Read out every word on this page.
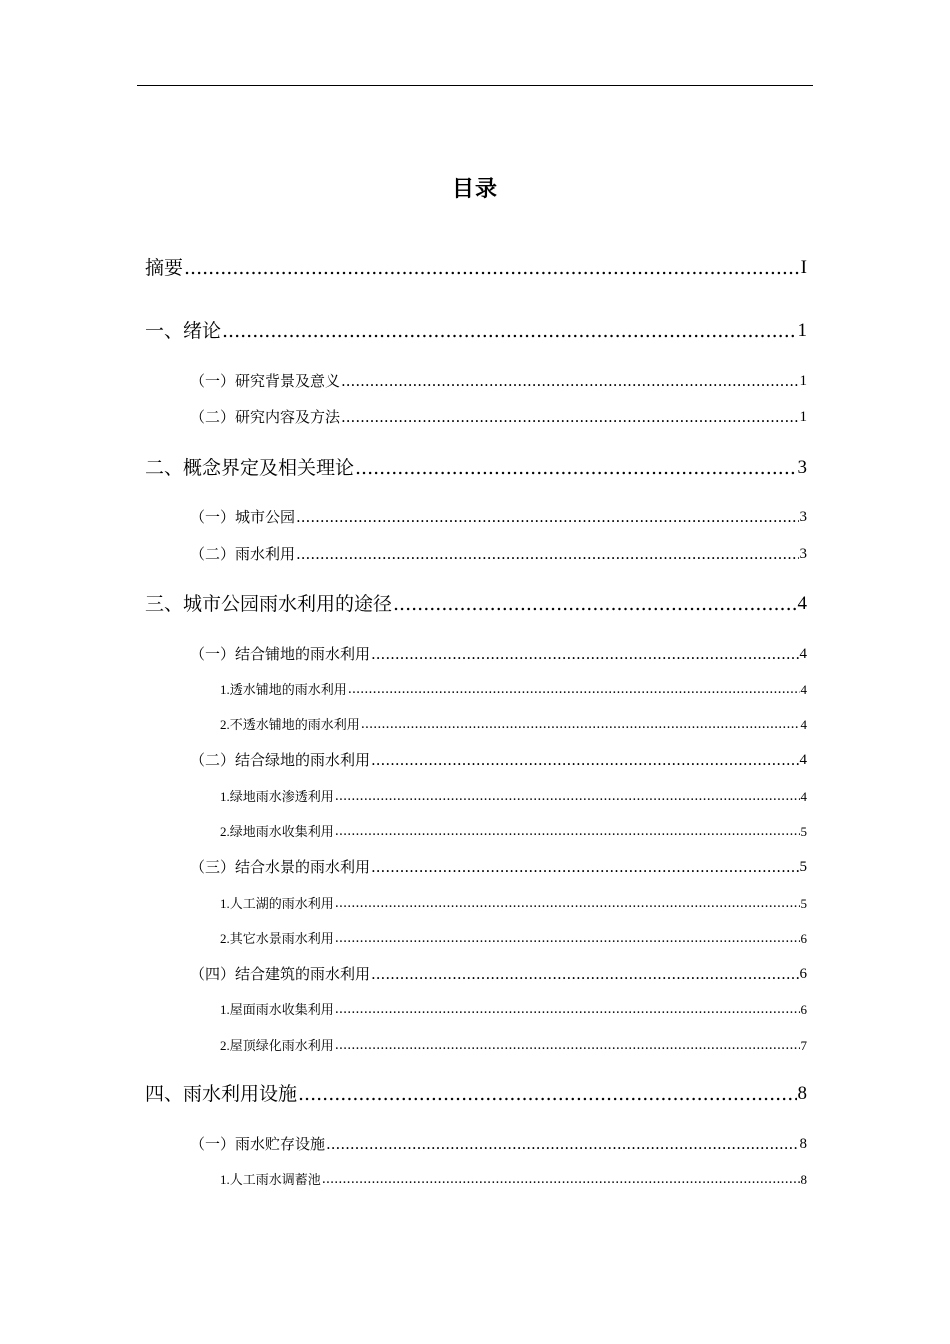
目录
摘要 .....	I
一、绪论 .....	1
（一）研究背景及意义 .....	1
（二）研究内容及方法 .....	1
二、概念界定及相关理论 .....	3
（一）城市公园 .....	3
（二）雨水利用 .....	3
三、城市公园雨水利用的途径 .....	4
（一）结合铺地的雨水利用 .....	4
1.透水铺地的雨水利用 .....	4
2.不透水铺地的雨水利用 .....	4
（二）结合绿地的雨水利用 .....	4
1.绿地雨水渗透利用 .....	4
2.绿地雨水收集利用 .....	5
（三）结合水景的雨水利用 .....	5
1.人工湖的雨水利用 .....	5
2.其它水景雨水利用 .....	6
（四）结合建筑的雨水利用 .....	6
1.屋面雨水收集利用 .....	6
2.屋顶绿化雨水利用 .....	7
四、雨水利用设施 .....	8
（一）雨水贮存设施 .....	8
1.人工雨水调蓄池 .....	8
